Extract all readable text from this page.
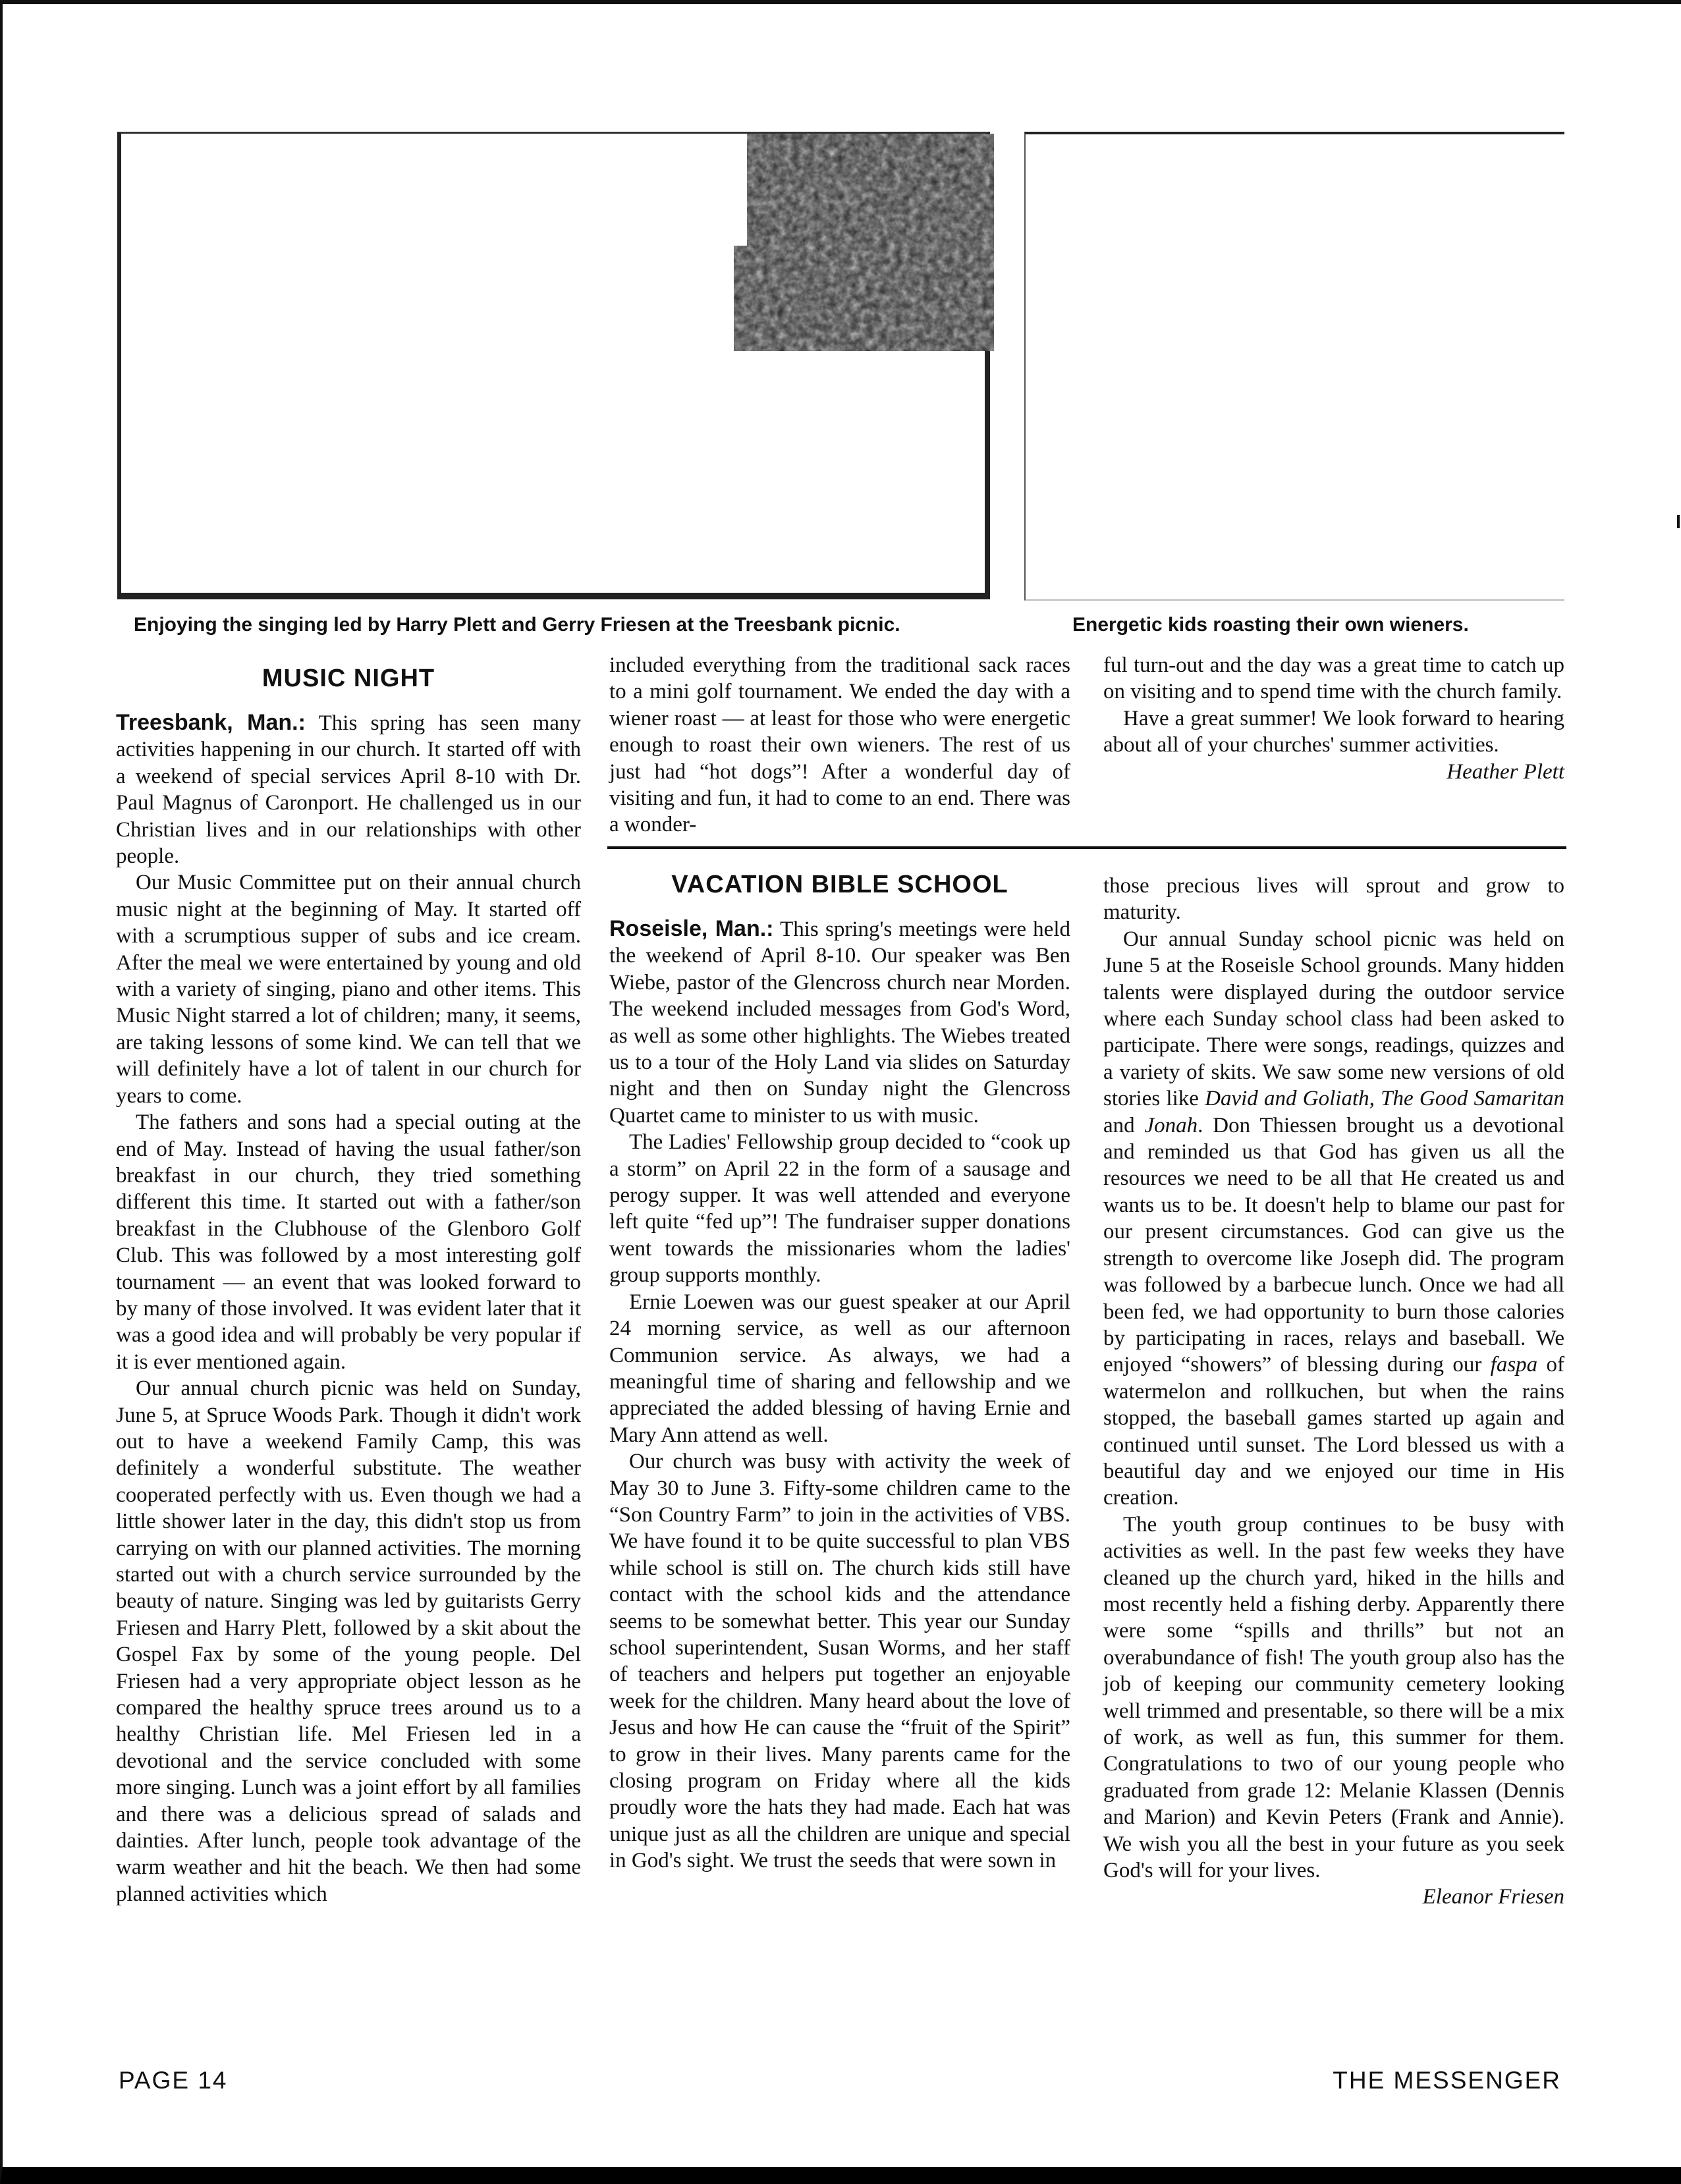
Enjoying the singing led by Harry Plett and Gerry Friesen at the Treesbank picnic.	Energetic kids roasting their own wieners.
MUSIC NIGHT

Treesbank, Man.: This spring has seen many activities happening in our church. It started off with a weekend of special services April 8-10 with Dr. Paul Magnus of Caronport. He challenged us in our Christian lives and in our relationships with other people.

Our Music Committee put on their annual church music night at the beginning of May. It started off with a scrumptious supper of subs and ice cream. After the meal we were entertained by young and old with a variety of singing, piano and other items. This Music Night starred a lot of children; many, it seems, are taking lessons of some kind. We can tell that we will definitely have a lot of talent in our church for years to come.

The fathers and sons had a special outing at the end of May. Instead of having the usual father/son breakfast in our church, they tried something different this time. It started out with a father/son breakfast in the Clubhouse of the Glenboro Golf Club. This was followed by a most interesting golf tournament — an event that was looked forward to by many of those involved. It was evident later that it was a good idea and will probably be very popular if it is ever mentioned again.

Our annual church picnic was held on Sunday, June 5, at Spruce Woods Park. Though it didn't work out to have a weekend Family Camp, this was definitely a wonderful substitute. The weather cooperated perfectly with us. Even though we had a little shower later in the day, this didn't stop us from carrying on with our planned activities. The morning started out with a church service surrounded by the beauty of nature. Singing was led by guitarists Gerry Friesen and Harry Plett, followed by a skit about the Gospel Fax by some of the young people. Del Friesen had a very appropriate object lesson as he compared the healthy spruce trees around us to a healthy Christian life. Mel Friesen led in a devotional and the service concluded with some more singing. Lunch was a joint effort by all families and there was a delicious spread of salads and dainties. After lunch, people took advantage of the warm weather and hit the beach. We then had some planned activities which

included everything from the traditional sack races to a mini golf tournament. We ended the day with a wiener roast — at least for those who were energetic enough to roast their own wieners. The rest of us just had “hot dogs”! After a wonderful day of visiting and fun, it had to come to an end. There was a wonder-

ful turn-out and the day was a great time to catch up on visiting and to spend time with the church family.

Have a great summer! We look forward to hearing about all of your churches' summer activities.

Heather Plett

VACATION BIBLE SCHOOL

Roseisle, Man.: This spring's meetings were held the weekend of April 8-10. Our speaker was Ben Wiebe, pastor of the Glencross church near Morden. The weekend included messages from God's Word, as well as some other highlights. The Wiebes treated us to a tour of the Holy Land via slides on Saturday night and then on Sunday night the Glencross Quartet came to minister to us with music.

The Ladies' Fellowship group decided to “cook up a storm” on April 22 in the form of a sausage and perogy supper. It was well attended and everyone left quite “fed up”! The fundraiser supper donations went towards the missionaries whom the ladies' group supports monthly.

Ernie Loewen was our guest speaker at our April 24 morning service, as well as our afternoon Communion service. As always, we had a meaningful time of sharing and fellowship and we appreciated the added blessing of having Ernie and Mary Ann attend as well.

Our church was busy with activity the week of May 30 to June 3. Fifty-some children came to the “Son Country Farm” to join in the activities of VBS. We have found it to be quite successful to plan VBS while school is still on. The church kids still have contact with the school kids and the attendance seems to be somewhat better. This year our Sunday school superintendent, Susan Worms, and her staff of teachers and helpers put together an enjoyable week for the children. Many heard about the love of Jesus and how He can cause the “fruit of the Spirit” to grow in their lives. Many parents came for the closing program on Friday where all the kids proudly wore the hats they had made. Each hat was unique just as all the children are unique and special in God's sight. We trust the seeds that were sown in

those precious lives will sprout and grow to maturity.

Our annual Sunday school picnic was held on June 5 at the Roseisle School grounds. Many hidden talents were displayed during the outdoor service where each Sunday school class had been asked to participate. There were songs, readings, quizzes and a variety of skits. We saw some new versions of old stories like David and Goliath, The Good Samaritan and Jonah. Don Thiessen brought us a devotional and reminded us that God has given us all the resources we need to be all that He created us and wants us to be. It doesn't help to blame our past for our present circumstances. God can give us the strength to overcome like Joseph did. The program was followed by a barbecue lunch. Once we had all been fed, we had opportunity to burn those calories by participating in races, relays and baseball. We enjoyed “showers” of blessing during our faspa of watermelon and rollkuchen, but when the rains stopped, the baseball games started up again and continued until sunset. The Lord blessed us with a beautiful day and we enjoyed our time in His creation.

The youth group continues to be busy with activities as well. In the past few weeks they have cleaned up the church yard, hiked in the hills and most recently held a fishing derby. Apparently there were some “spills and thrills” but not an overabundance of fish! The youth group also has the job of keeping our community cemetery looking well trimmed and presentable, so there will be a mix of work, as well as fun, this summer for them. Congratulations to two of our young people who graduated from grade 12: Melanie Klassen (Dennis and Marion) and Kevin Peters (Frank and Annie). We wish you all the best in your future as you seek God's will for your lives.

Eleanor Friesen

PAGE 14	THE MESSENGER
